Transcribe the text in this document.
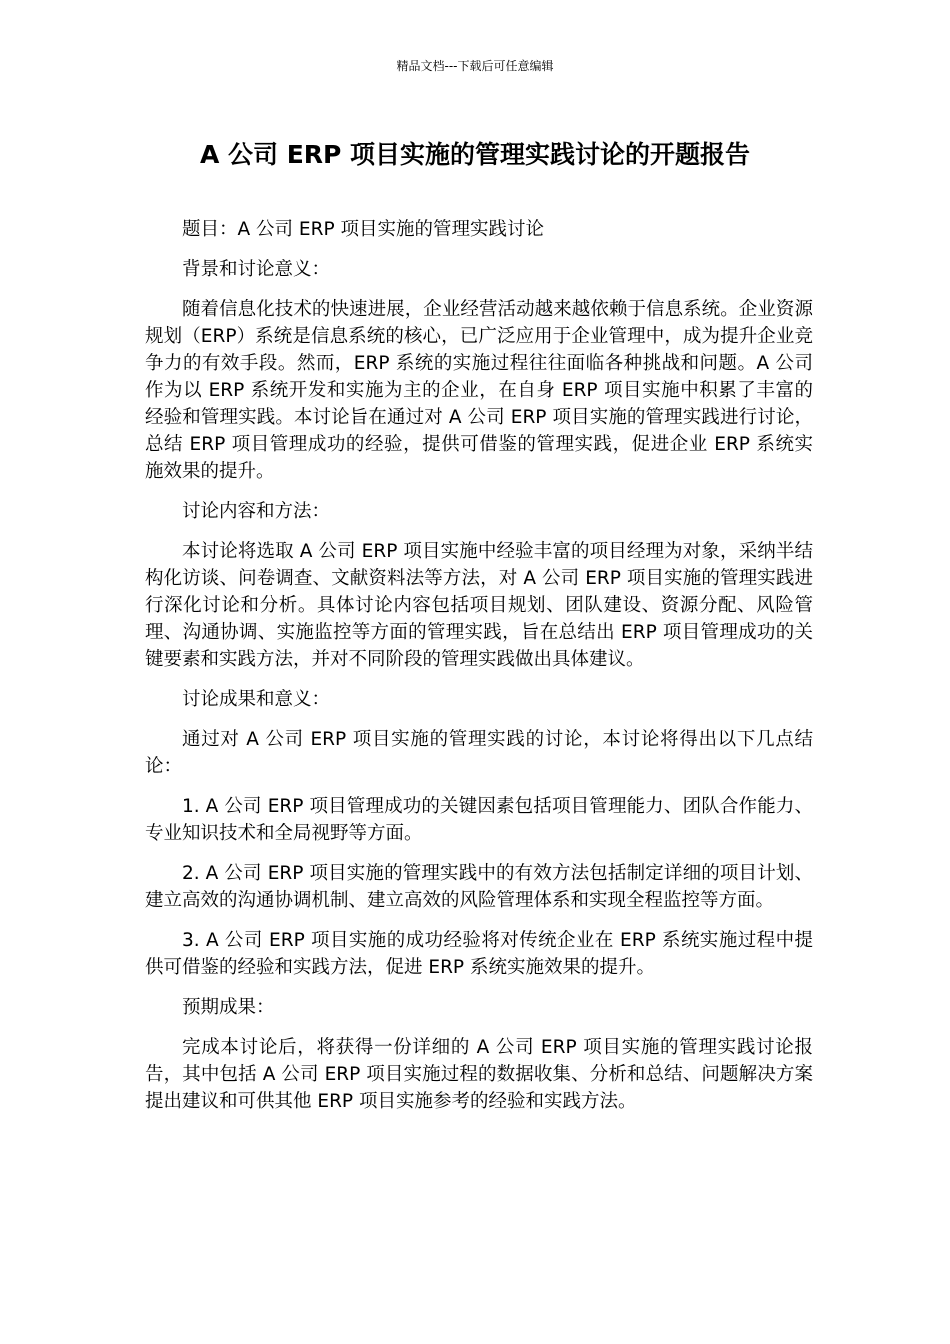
精品文档---下载后可任意编辑
A 公司 ERP 项目实施的管理实践讨论的开题报告

题目：A 公司 ERP 项目实施的管理实践讨论

背景和讨论意义：

随着信息化技术的快速进展，企业经营活动越来越依赖于信息系统。企业资源规划（ERP）系统是信息系统的核心，已广泛应用于企业管理中，成为提升企业竞争力的有效手段。然而，ERP 系统的实施过程往往面临各种挑战和问题。A 公司作为以 ERP 系统开发和实施为主的企业，在自身 ERP 项目实施中积累了丰富的经验和管理实践。本讨论旨在通过对 A 公司 ERP 项目实施的管理实践进行讨论，总结 ERP 项目管理成功的经验，提供可借鉴的管理实践，促进企业 ERP 系统实施效果的提升。

讨论内容和方法：

本讨论将选取 A 公司 ERP 项目实施中经验丰富的项目经理为对象，采纳半结构化访谈、问卷调查、文献资料法等方法，对 A 公司 ERP 项目实施的管理实践进行深化讨论和分析。具体讨论内容包括项目规划、团队建设、资源分配、风险管理、沟通协调、实施监控等方面的管理实践，旨在总结出 ERP 项目管理成功的关键要素和实践方法，并对不同阶段的管理实践做出具体建议。

讨论成果和意义：

通过对 A 公司 ERP 项目实施的管理实践的讨论，本讨论将得出以下几点结论：

1. A 公司 ERP 项目管理成功的关键因素包括项目管理能力、团队合作能力、专业知识技术和全局视野等方面。

2. A 公司 ERP 项目实施的管理实践中的有效方法包括制定详细的项目计划、建立高效的沟通协调机制、建立高效的风险管理体系和实现全程监控等方面。

3. A 公司 ERP 项目实施的成功经验将对传统企业在 ERP 系统实施过程中提供可借鉴的经验和实践方法，促进 ERP 系统实施效果的提升。

预期成果：

完成本讨论后，将获得一份详细的 A 公司 ERP 项目实施的管理实践讨论报告，其中包括 A 公司 ERP 项目实施过程的数据收集、分析和总结、问题解决方案提出建议和可供其他 ERP 项目实施参考的经验和实践方法。
